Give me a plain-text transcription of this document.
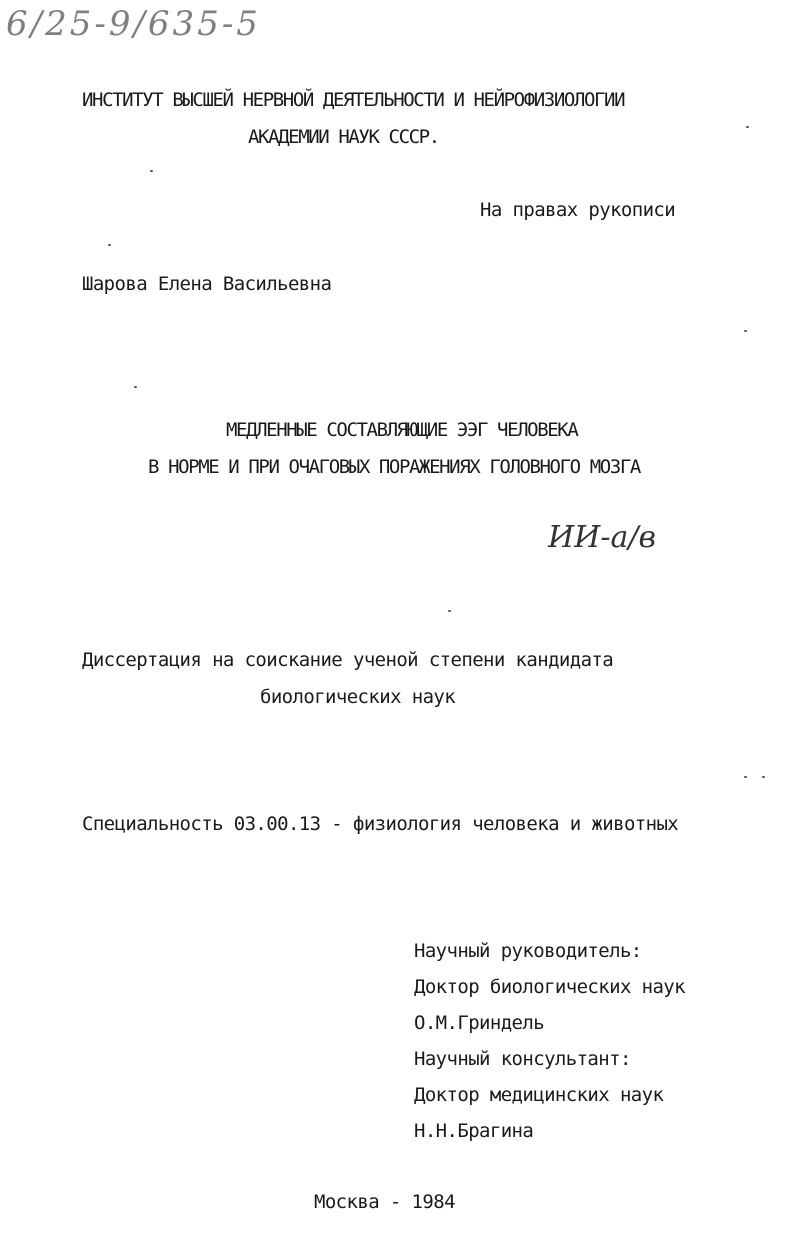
6/25-9/635-5
ИНСТИТУТ ВЫСШЕЙ НЕРВНОЙ ДЕЯТЕЛЬНОСТИ И НЕЙРОФИЗИОЛОГИИ
АКАДЕМИИ НАУК СССР.
На правах рукописи
Шарова Елена Васильевна
МЕДЛЕННЫЕ СОСТАВЛЯЮЩИЕ ЭЭГ ЧЕЛОВЕКА
В НОРМЕ И ПРИ ОЧАГОВЫХ ПОРАЖЕНИЯХ ГОЛОВНОГО МОЗГА
ИИ-а/в
Диссертация на соискание ученой степени кандидата
биологических наук
Специальность 03.00.13 - физиология человека и животных
Научный руководитель:
Доктор биологических наук
О.М.Гриндель
Научный консультант:
Доктор медицинских наук
Н.Н.Брагина
Москва - 1984
